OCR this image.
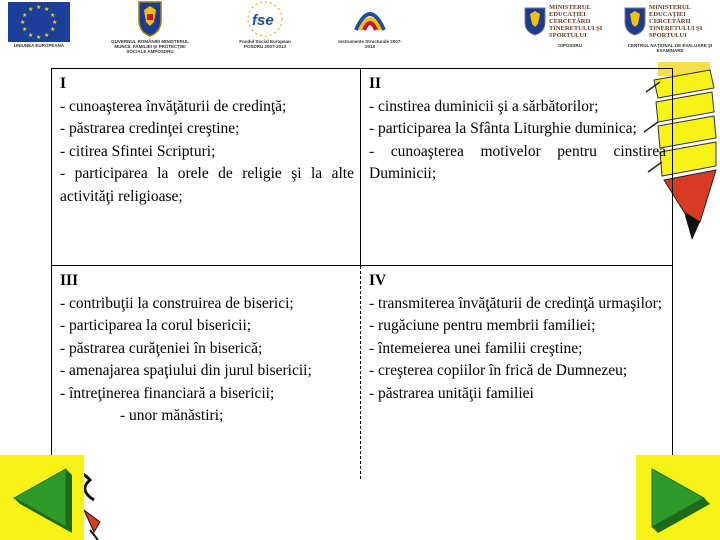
★ ★
★
★
★
★
★
★
★
★
★
★
UNIUNEA EUROPEANĂ
GUVERNUL ROMÂNIEI MINISTERUL MUNCII, FAMILIEI ŞI PROTECŢIEI SOCIALE AMPOSDRU
fse
Fondul Social European POSDRU 2007-2013
Instrumente Structurale 2007-2013
MINISTERUL EDUCAŢIEI CERCETĂRII TINERETULUI ŞI SPORTULUI
OIPOSDRU
MINISTERUL EDUCAŢIEI CERCETĂRII TINERETULUI ŞI SPORTULUI
CENTRUL NAŢIONAL DE EVALUARE ŞI EXAMINARE
I
- cunoaşterea învăţăturii de credinţă;
- păstrarea credinţei creştine;
- citirea Sfintei Scripturi;
- participarea la orele de religie şi la alte activităţi religioase;
II
- cinstirea duminicii şi a sărbătorilor;
- participarea la Sfânta Liturghie duminica;
- cunoaşterea motivelor pentru cinstirea Duminicii;
III
- contribuţii la construirea de biserici;
- participarea la corul bisericii;
- păstrarea curăţeniei în biserică;
- amenajarea spaţiului din jurul bisericii;
- întreţinerea financiară a bisericii;
- unor mănăstiri;
IV
- transmiterea învăţăturii de credinţă urmaşilor;
- rugăciune pentru membrii familiei;
- întemeierea unei familii creştine;
- creşterea copiilor în frică de Dumnezeu;
- păstrarea unităţii familiei
